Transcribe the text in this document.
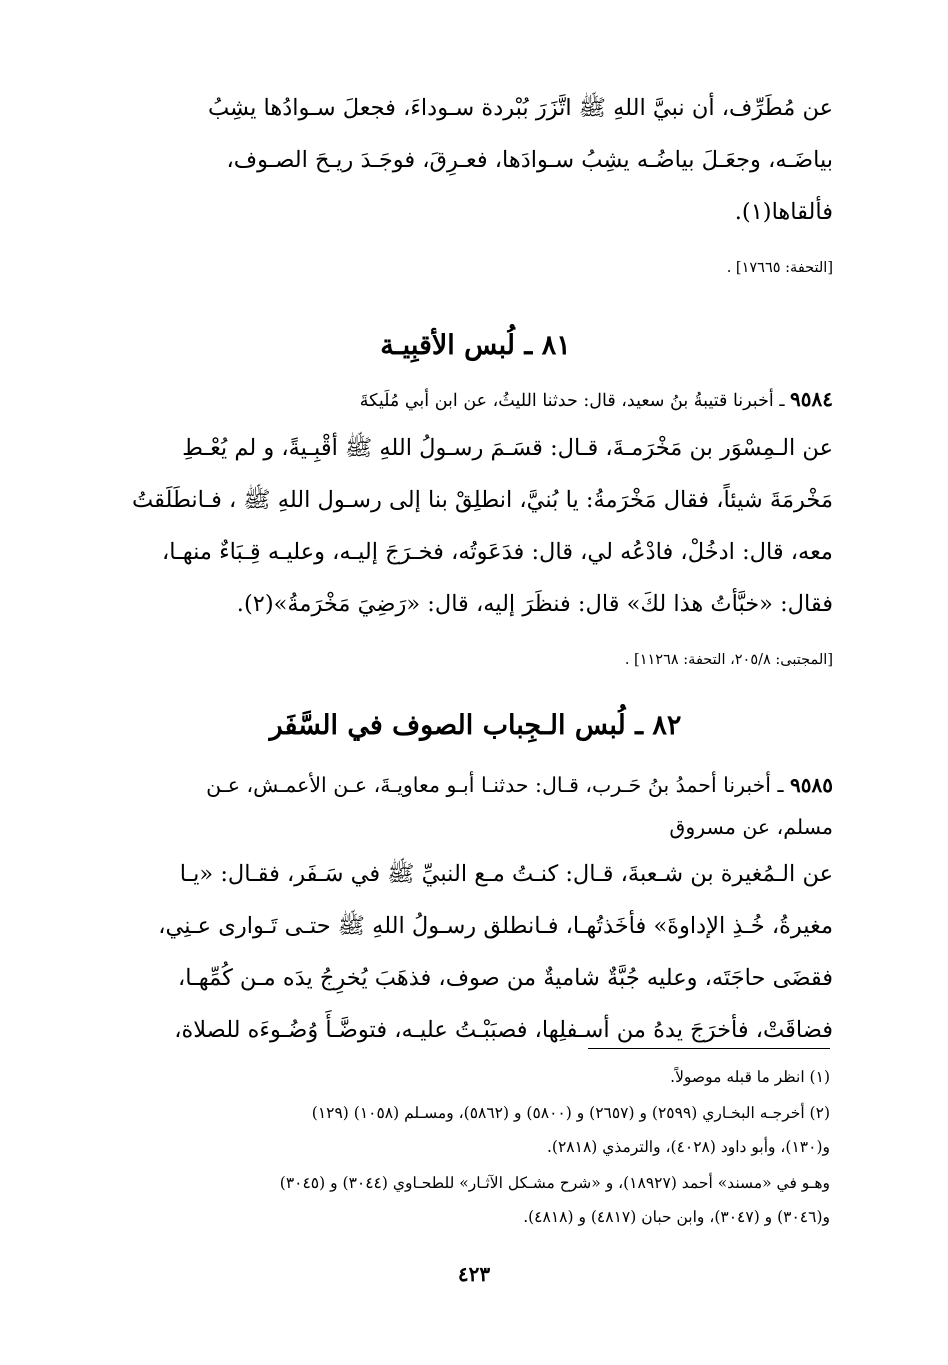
عن مُطَرِّف، أن نبيَّ اللهِ ﷺ اتَّزَرَ بُبْردة سـوداءَ، فجعلَ سـوادُها يشِبُ

بياضَـه، وجعَـلَ بياضُـه يشِبُ سـوادَها، فعـرِقَ، فوجَـدَ ريـحَ الصـوف،

فألقاها(١).

[التحفة: ١٧٦٦٥] .

٨١ ـ لُبس الأقبِيـة

٩٥٨٤ ـ أخبرنا قتيبةُ بنُ سعيد، قال: حدثنا الليثُ، عن ابن أبي مُلَيكةَ

عن الـمِسْوَر بن مَخْرَمـةَ، قـال: قسَـمَ رسـولُ اللهِ ﷺ أقْبِـيةً، و لم يُعْـطِ

مَخْرمَةَ شيئاً، فقال مَخْرَمةُ: يا بُنيَّ، انطلِقْ بنا إلى رسـول اللهِ ﷺ ، فـانطَلَقتُ

معه، قال: ادخُلْ، فادْعُه لي، قال: فدَعَوتُه، فخـرَجَ إليـه، وعليـه قِـبَاءٌ منهـا،

فقال: «خبَّأتُ هذا لكَ» قال: فنظَرَ إليه، قال: «رَضِيَ مَخْرَمةُ»(٢).

[المجتبى: ٢٠٥/٨، التحفة: ١١٢٦٨] .

٨٢ ـ لُبس الـجِباب الصوف في السَّفَر

٩٥٨٥ ـ أخبرنا أحمدُ بنُ حَـرب، قـال: حدثنـا أبـو معاويـةَ، عـن الأعمـش، عـن

مسلم، عن مسروق

عن الـمُغيرة بن شـعبةَ، قـال: كنـتُ مـع النبيِّ ﷺ في سَـفَر، فقـال: «يـا

مغيرةُ، خُـذِ الإداوةَ» فأخَذتُهـا، فـانطلق رسـولُ اللهِ ﷺ حتـى تَـوارى عـنِي،

فقضَى حاجَتَه، وعليه جُبَّةٌ شاميةٌ من صوف، فذهَبَ يُخرِجُ يدَه مـن كُمِّهـا،

فضاقَتْ، فأخرَجَ يدهُ من أسـفلِها، فصبَبْـتُ عليـه، فتوضَّـأَ وُضُـوءَه للصلاة،

(١) انظر ما قبله موصولاً.

(٢) أخرجـه البخـاري (٢٥٩٩) و (٢٦٥٧) و (٥٨٠٠) و (٥٨٦٢)، ومسـلم (١٠٥٨) (١٢٩)

و(١٣٠)، وأبو داود (٤٠٢٨)، والترمذي (٢٨١٨).

وهـو في «مسند» أحمد (١٨٩٢٧)، و «شرح مشـكل الآثـار» للطحـاوي (٣٠٤٤) و (٣٠٤٥)

و(٣٠٤٦) و (٣٠٤٧)، وابن حبان (٤٨١٧) و (٤٨١٨).

٤٢٣
